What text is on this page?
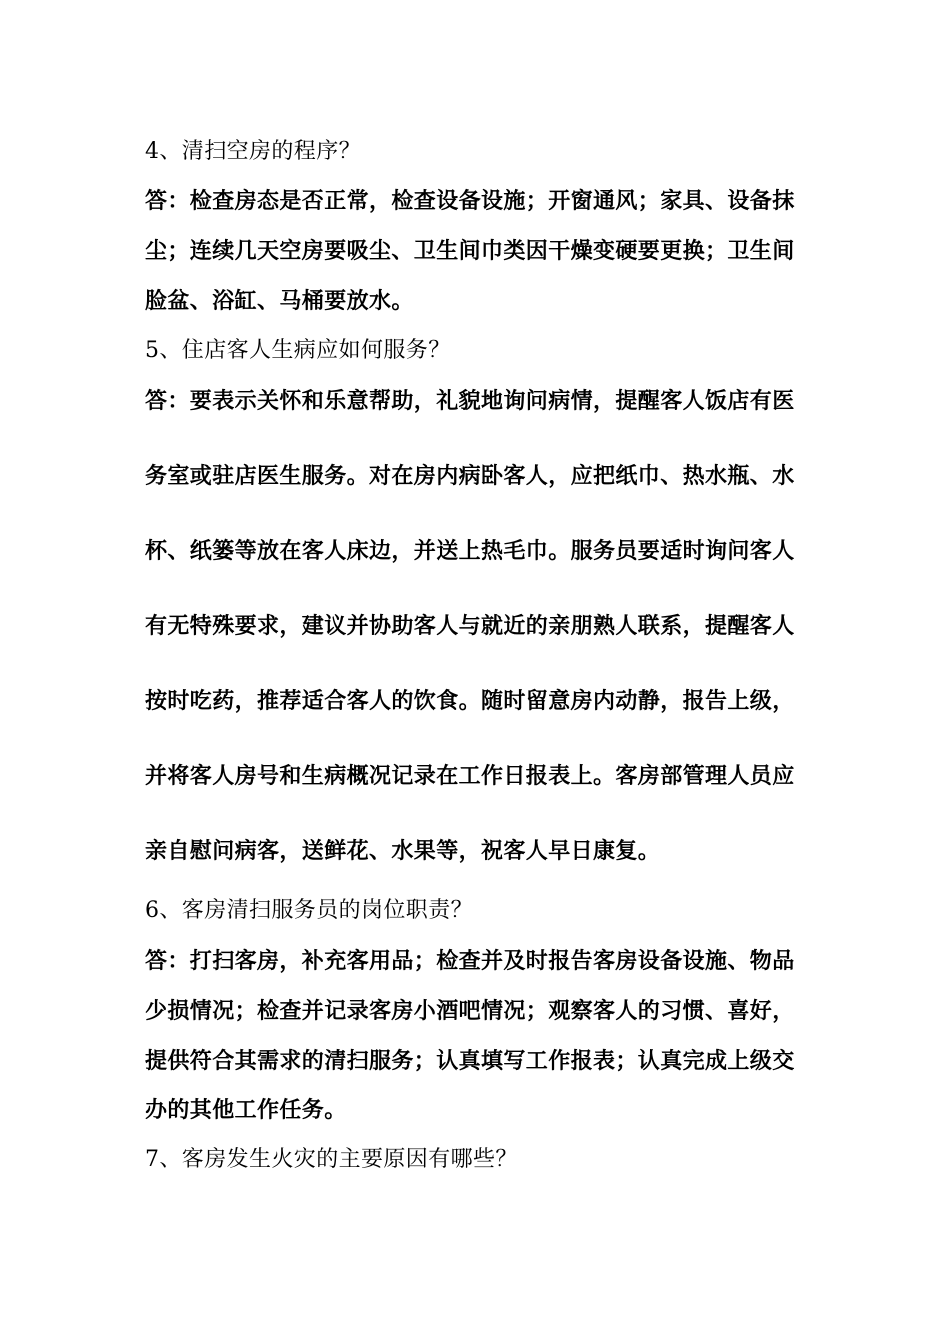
4、清扫空房的程序？
答：检查房态是否正常，检查设备设施；开窗通风；家具、设备抹
尘；连续几天空房要吸尘、卫生间巾类因干燥变硬要更换；卫生间
脸盆、浴缸、马桶要放水。
5、住店客人生病应如何服务？
答：要表示关怀和乐意帮助，礼貌地询问病情，提醒客人饭店有医
务室或驻店医生服务。对在房内病卧客人，应把纸巾、热水瓶、水
杯、纸篓等放在客人床边，并送上热毛巾。服务员要适时询问客人
有无特殊要求，建议并协助客人与就近的亲朋熟人联系，提醒客人
按时吃药，推荐适合客人的饮食。随时留意房内动静，报告上级，
并将客人房号和生病概况记录在工作日报表上。客房部管理人员应
亲自慰问病客，送鲜花、水果等，祝客人早日康复。
6、客房清扫服务员的岗位职责？
答：打扫客房，补充客用品；检查并及时报告客房设备设施、物品
少损情况；检查并记录客房小酒吧情况；观察客人的习惯、喜好，
提供符合其需求的清扫服务；认真填写工作报表；认真完成上级交
办的其他工作任务。
7、客房发生火灾的主要原因有哪些？
